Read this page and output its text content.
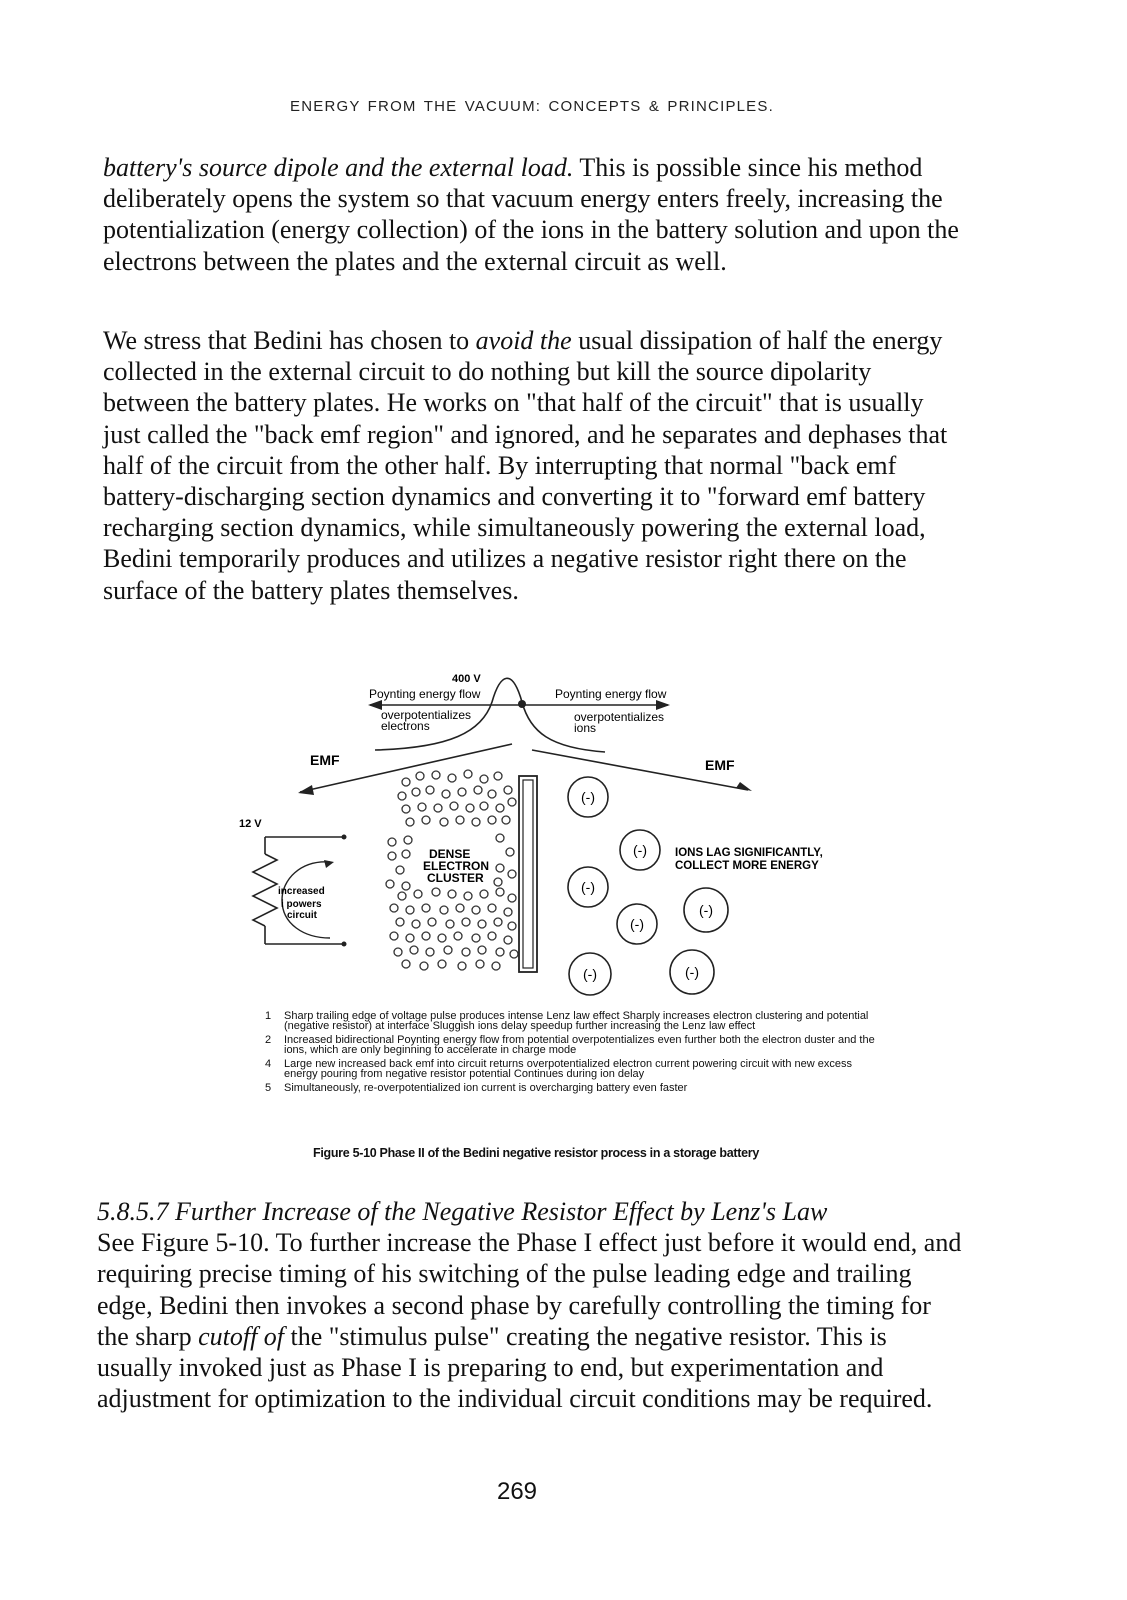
ENERGY FROM THE VACUUM: CONCEPTS & PRINCIPLES.

battery's source dipole and the external load. This is possible since his method deliberately opens the system so that vacuum energy enters freely, increasing the potentialization (energy collection) of the ions in the battery solution and upon the electrons between the plates and the external circuit as well.

We stress that Bedini has chosen to avoid the usual dissipation of half the energy collected in the external circuit to do nothing but kill the source dipolarity between the battery plates. He works on "that half of the circuit" that is usually just called the "back emf region" and ignored, and he separates and dephases that half of the circuit from the other half. By interrupting that normal "back emf battery-discharging section dynamics and converting it to "forward emf battery recharging section dynamics, while simultaneously powering the external load, Bedini temporarily produces and utilizes a negative resistor right there on the surface of the battery plates themselves.

(-)
(-)
(-)
(-)
(-)
(-)	(-)
400 V
Poynting energy flow	Poynting energy flow
overpotentializes
electrons
overpotentializes
ions
EMF	EMF
12 V
increased
i powers
circuit
DENSE
ELECTRON
CLUSTER
IONS LAG SIGNIFICANTLY,
COLLECT MORE ENERGY
1	Sharp trailing edge of voltage pulse produces intense Lenz law effect Sharply increases electron clustering and potential (negative resistor) at interface Sluggish ions delay speedup further increasing the Lenz law effect
2	Increased bidirectional Poynting energy flow from potential overpotentializes even further both the electron duster and the ions, which are only beginning to accelerate in charge mode
4	Large new increased back emf into circuit returns overpotentialized electron current powering circuit with new excess energy pouring from negative resistor potential Continues during ion delay
5	Simultaneously, re-overpotentialized ion current is overcharging battery even faster
Figure 5-10 Phase II of the Bedini negative resistor process in a storage battery

5.8.5.7 Further Increase of the Negative Resistor Effect by Lenz's Law
See Figure 5-10. To further increase the Phase I effect just before it would end, and requiring precise timing of his switching of the pulse leading edge and trailing edge, Bedini then invokes a second phase by carefully controlling the timing for the sharp cutoff of the "stimulus pulse" creating the negative resistor. This is usually invoked just as Phase I is preparing to end, but experimentation and adjustment for optimization to the individual circuit conditions may be required.

269
